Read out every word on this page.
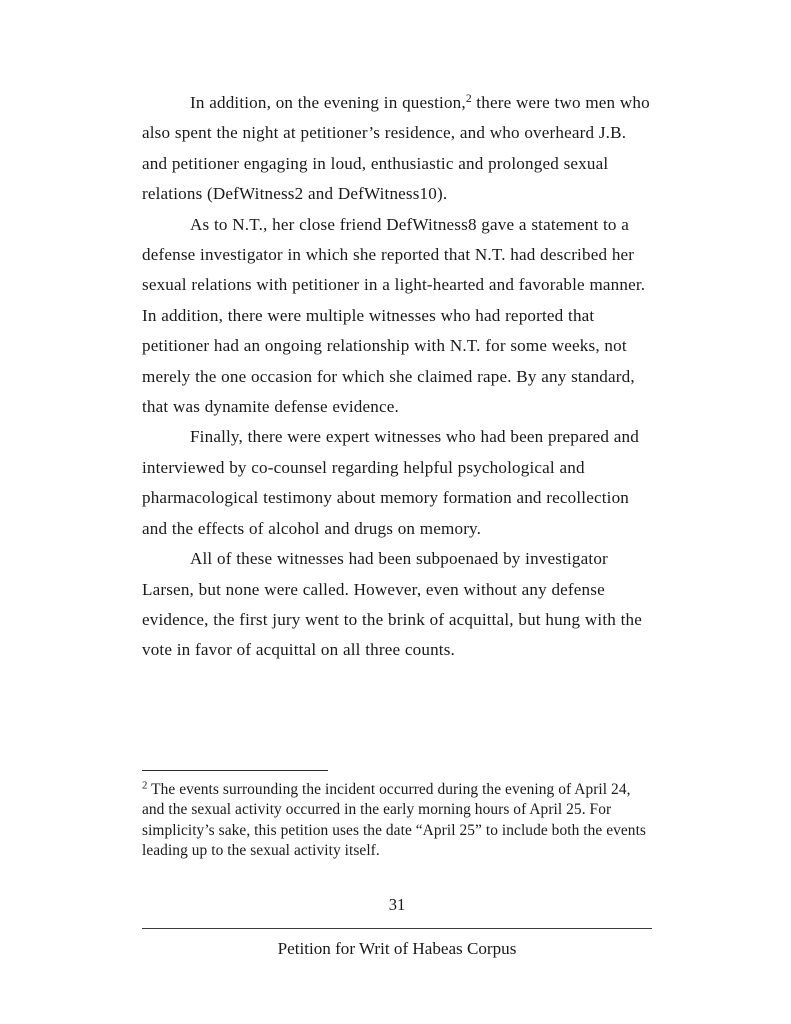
In addition, on the evening in question,$^2$ there were two men who also spent the night at petitioner’s residence, and who overheard J.B. and petitioner engaging in loud, enthusiastic and prolonged sexual relations (DefWitness2 and DefWitness10).

As to N.T., her close friend DefWitness8 gave a statement to a defense investigator in which she reported that N.T. had described her sexual relations with petitioner in a light-hearted and favorable manner. In addition, there were multiple witnesses who had reported that petitioner had an ongoing relationship with N.T. for some weeks, not merely the one occasion for which she claimed rape. By any standard, that was dynamite defense evidence.

Finally, there were expert witnesses who had been prepared and interviewed by co-counsel regarding helpful psychological and pharmacological testimony about memory formation and recollection and the effects of alcohol and drugs on memory.

All of these witnesses had been subpoenaed by investigator Larsen, but none were called. However, even without any defense evidence, the first jury went to the brink of acquittal, but hung with the vote in favor of acquittal on all three counts.

$^2$ The events surrounding the incident occurred during the evening of April 24, and the sexual activity occurred in the early morning hours of April 25. For simplicity’s sake, this petition uses the date “April 25” to include both the events leading up to the sexual activity itself.

31
Petition for Writ of Habeas Corpus
